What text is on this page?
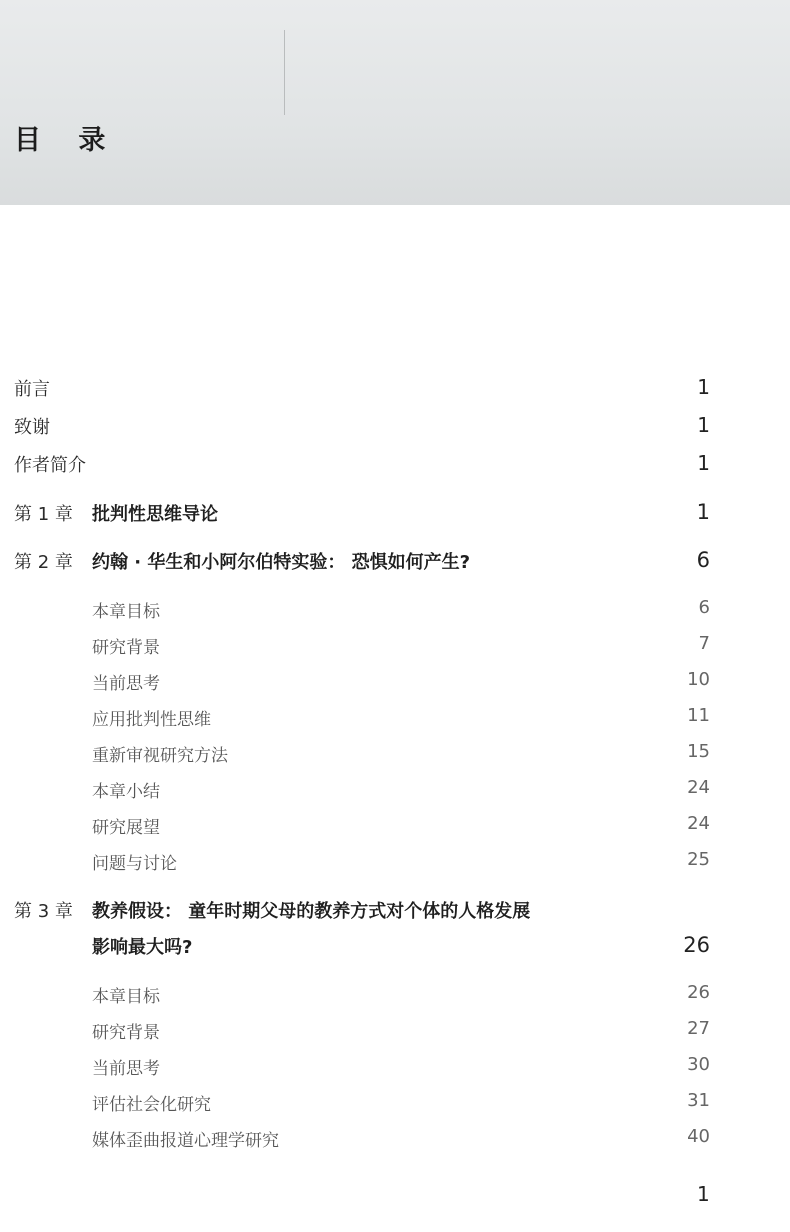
目 录
前言	1
致谢	1
作者简介	1
第 1 章 批判性思维导论	1
第 2 章 约翰 · 华生和小阿尔伯特实验： 恐惧如何产生?	6
本章目标	6
研究背景	7
当前思考	10
应用批判性思维	11
重新审视研究方法	15
本章小结	24
研究展望	24
问题与讨论	25
第 3 章 教养假设： 童年时期父母的教养方式对个体的人格发展
影响最大吗?	26
本章目标	26
研究背景	27
当前思考	30
评估社会化研究	31
媒体歪曲报道心理学研究	40
1
